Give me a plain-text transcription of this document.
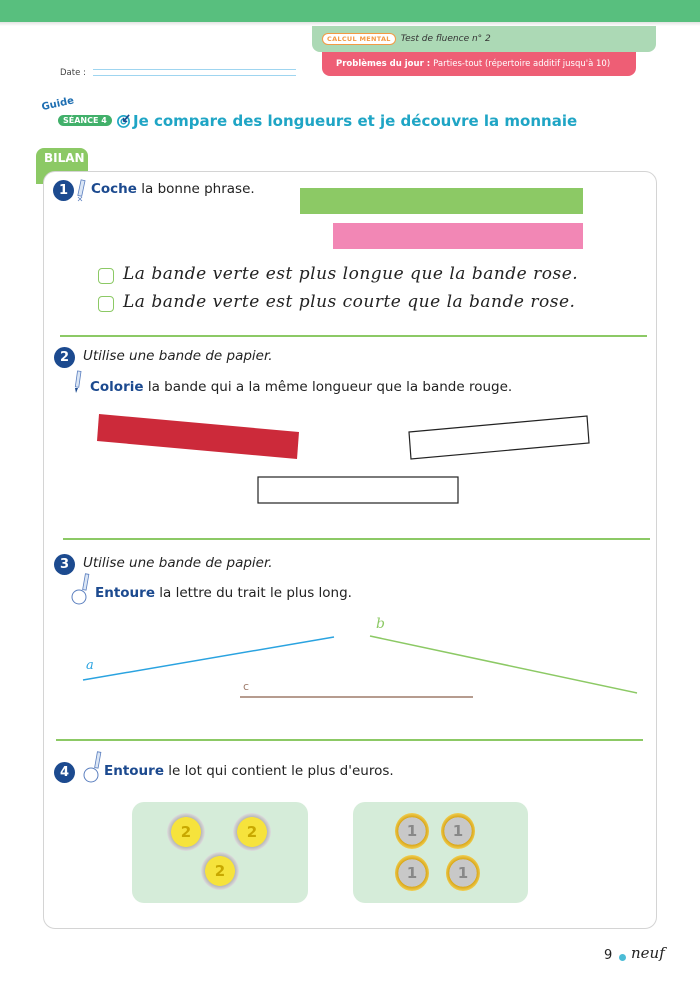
CALCUL MENTAL	Test de fluence n° 2
Problèmes du jour : Parties-tout (répertoire additif jusqu'à 10)
Date :
Guide
SÉANCE 4	Je compare des longueurs et je découvre la monnaie
BILAN
1	Coche la bonne phrase.
La bande verte est plus longue que la bande rose.
La bande verte est plus courte que la bande rose.
2	Utilise une bande de papier.
Colorie la bande qui a la même longueur que la bande rouge.
3	Utilise une bande de papier.
Entoure la lettre du trait le plus long.
a
b
c
4	Entoure le lot qui contient le plus d'euros.
2	2
2
1	1
1	1
9 neuf
